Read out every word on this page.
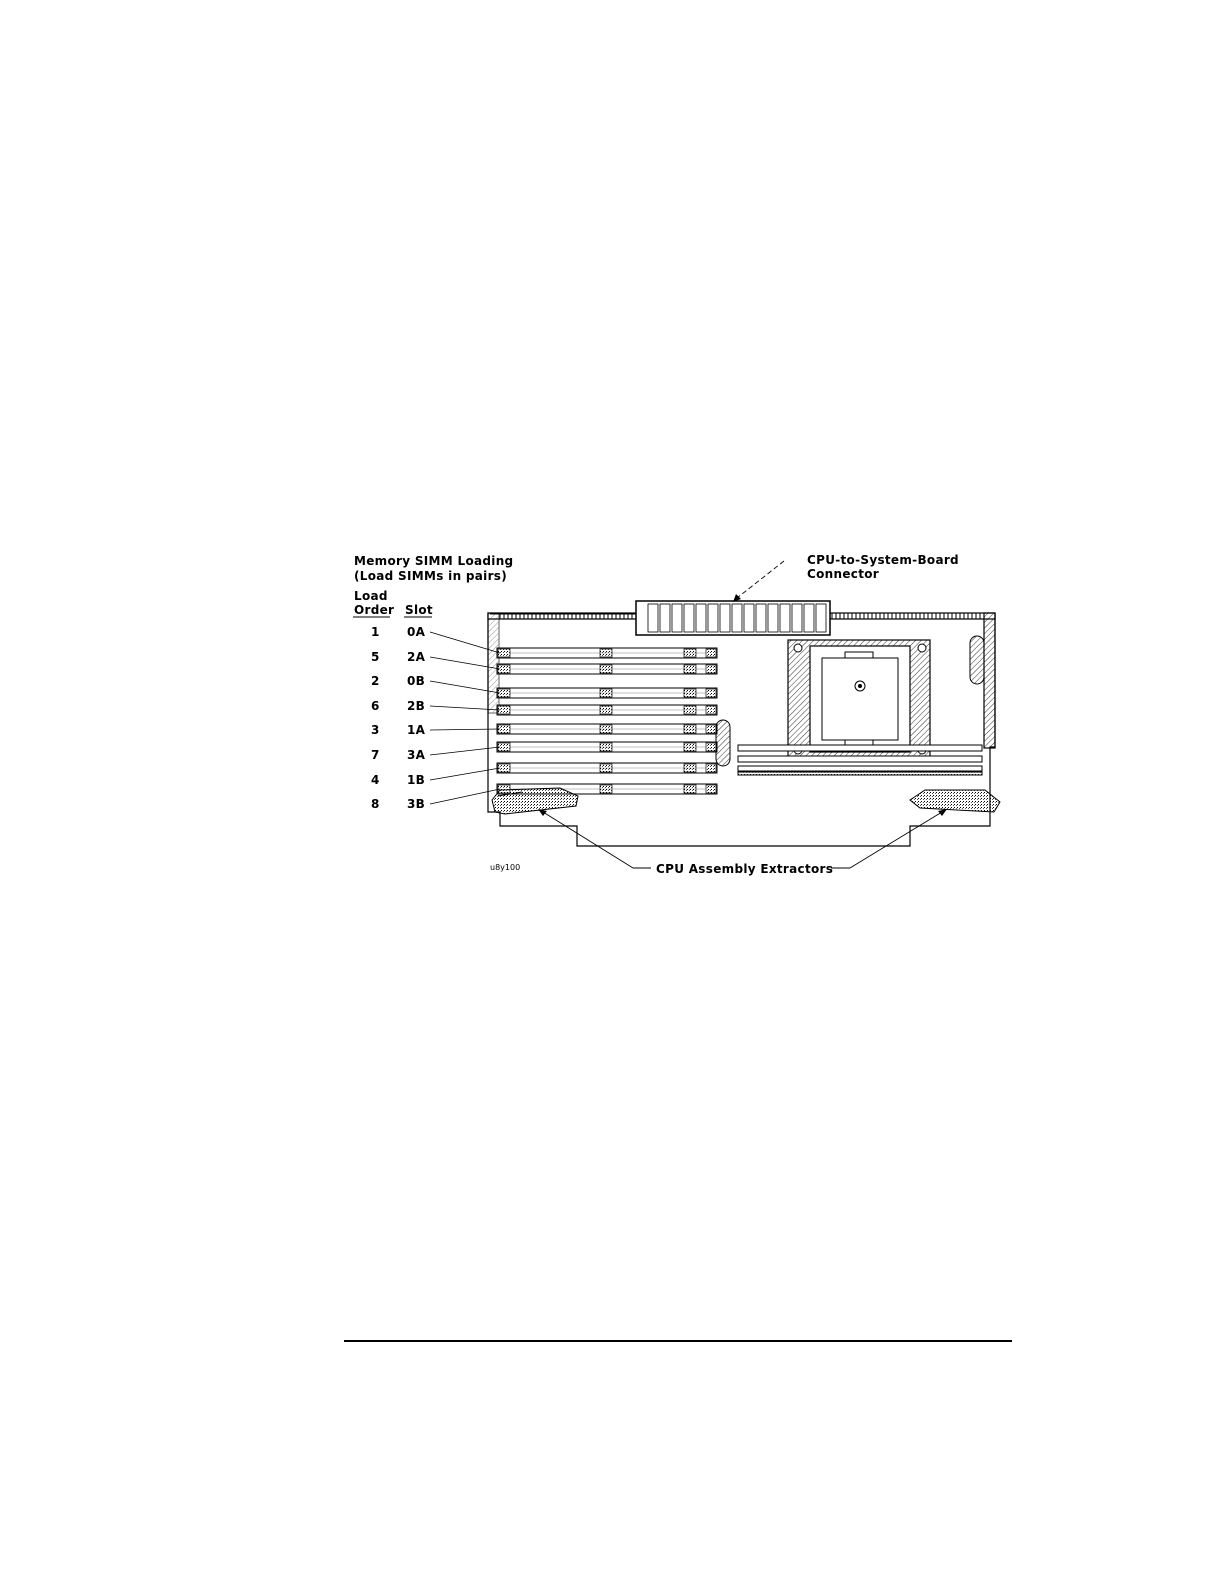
Memory SIMM Loading
(Load SIMMs in pairs)
Load
Order Slot
1 0A
5 2A
2 0B
6 2B
3 1A
7 3A
4 1B
8 3B
CPU-to-System-Board
Connector
CPU Assembly Extractors
u8y100
